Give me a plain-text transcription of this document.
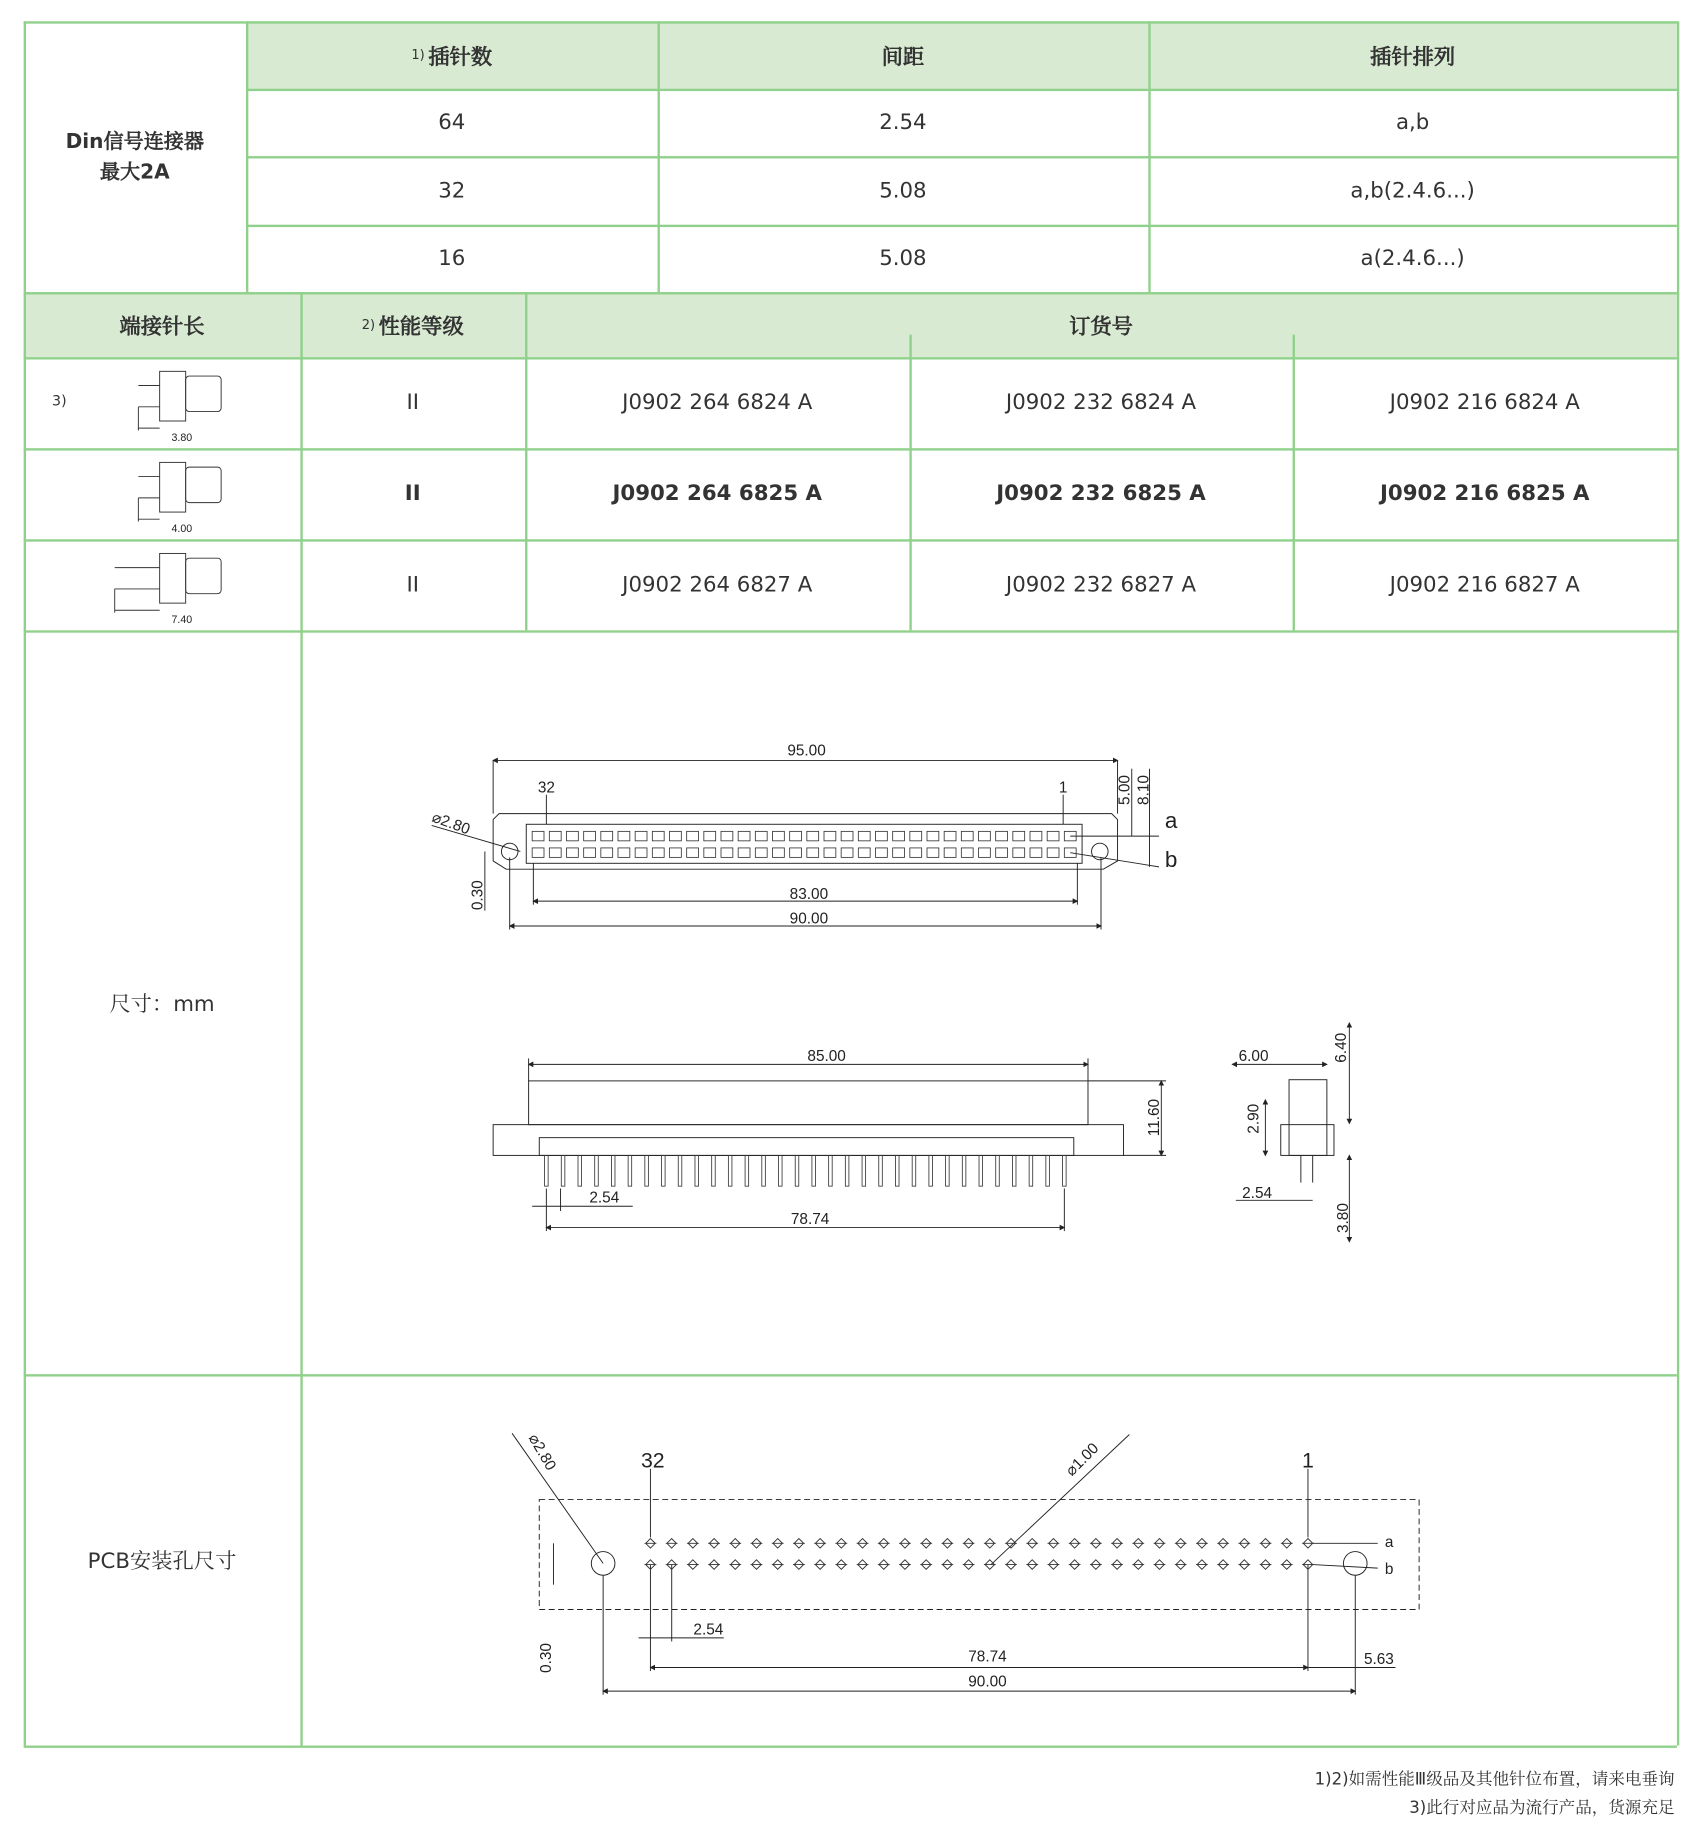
Din信号连接器
最大2A
1) 插针数	间距	插针排列
64	2.54	a,b
32	5.08	a,b(2.4.6...)
16	5.08	a(2.4.6...)
端接针长	2) 性能等级	订货号
3)
3.80
II	J0902 264 6824 A	J0902 232 6824 A	J0902 216 6824 A
4.00
II	J0902 264 6825 A	J0902 232 6825 A	J0902 216 6825 A
7.40
II	J0902 264 6827 A	J0902 232 6827 A	J0902 216 6827 A
尺寸：mm
PCB安装孔尺寸
95.00
32	1	5.00 8.10
a
b
⌀2.80
0.30	83.00
90.00
85.00
11.60
2.54
78.74
6.00	6.40
2.90
2.54
3.80
⌀2.80	⌀1.00
32	1
a
b
2.54
78.74	5.63
90.00
0.30
1)2)如需性能Ⅲ级品及其他针位布置，请来电垂询
3)此行对应品为流行产品，货源充足
